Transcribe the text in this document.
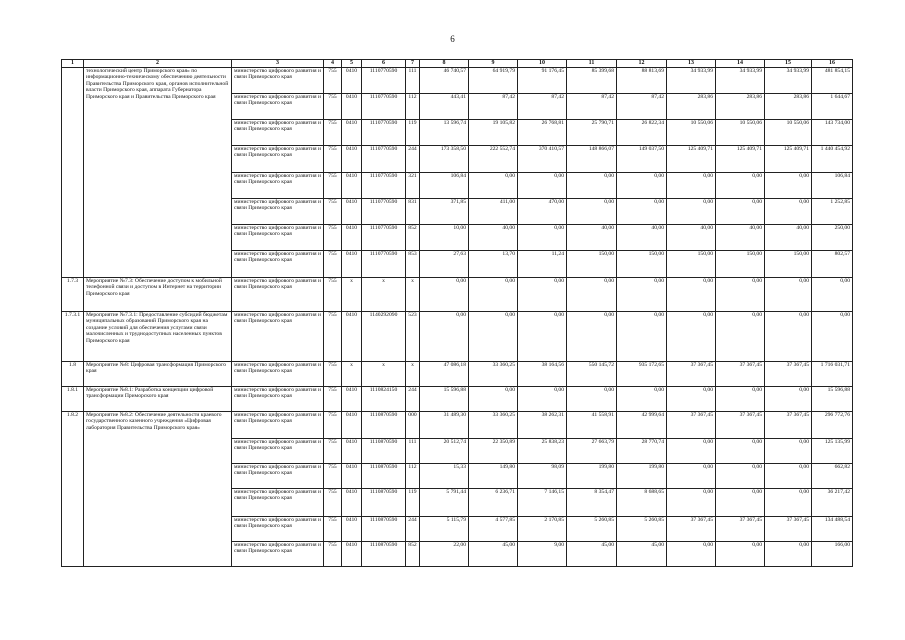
6
1	2	3	4	5	6	7	8	9	10	11	12	13	14	15	16
	технологический центр Приморского края» по информационно-техническому обеспечению деятельности Правительства Приморского края, органов исполнительной власти Приморского края, аппарата Губернатора Приморского края и Правительства Приморского края	министерство цифрового развития и связи Приморского края	755	0410	1110770590	111	46 740,57	64 919,79	91 176,45	85 399,68	88 813,69	34 933,99	34 933,99	34 933,99	481 854,15
		министерство цифрового развития и связи Приморского края	755	0410	1110770590	112	443,41	87,42	87,42	87,42	87,42	283,86	283,86	283,86	1 644,67
		министерство цифрового развития и связи Приморского края	755	0410	1110770590	119	13 596,74	19 105,82	26 768,81	25 790,71	26 822,34	10 550,06	10 550,06	10 550,06	143 734,00
		министерство цифрового развития и связи Приморского края	755	0410	1110770590	244	173 358,50	222 552,74	370 410,57	148 866,07	149 037,50	125 409,71	125 409,71	125 409,71	1 440 454,92
		министерство цифрового развития и связи Приморского края	755	0410	1110770590	321	106,84	0,00	0,00	0,00	0,00	0,00	0,00	0,00	106,84
		министерство цифрового развития и связи Приморского края	755	0410	1110770590	831	371,85	411,00	470,00	0,00	0,00	0,00	0,00	0,00	1 252,85
		министерство цифрового развития и связи Приморского края	755	0410	1110770590	852	10,00	40,00	0,00	40,00	40,00	40,00	40,00	40,00	250,00
		министерство цифрового развития и связи Приморского края	755	0410	1110770590	853	27,63	13,70	11,24	150,00	150,00	150,00	150,00	150,00	802,57
1.7.3	Мероприятие №7.3: Обеспечение доступом к мобильной телефонной связи и доступом в Интернет на территории Приморского края	министерство цифрового развития и связи Приморского края	755	x	x	x	0,00	0,00	0,00	0,00	0,00	0,00	0,00	0,00	0,00
1.7.3.1	Мероприятие №7.3.1: Предоставление субсидий бюджетам муниципальных образований Приморского края на создание условий для обеспечения услугами связи малочисленных и труднодоступных населенных пунктов Приморского края	министерство цифрового развития и связи Приморского края	755	0410	1140292090	523	0,00	0,00	0,00	0,00	0,00	0,00	0,00	0,00	0,00
1.8	Мероприятие №8: Цифровая трансформация Приморского края	министерство цифрового развития и связи Приморского края	755	x	x	x	47 086,18	33 360,25	38 164,56	550 145,72	935 172,65	37 367,45	37 367,45	37 367,45	1 716 031,71
1.8.1	Мероприятие №8.1: Разработка концепции цифровой трансформации Приморского края	министерство цифрового развития и связи Приморского края	755	0410	1110824150	244	15 596,88	0,00	0,00	0,00	0,00	0,00	0,00	0,00	15 596,88
1.8.2	Мероприятие №8.2: Обеспечение деятельности краевого государственного казенного учреждения «Цифровая лаборатория Правительства Приморского края»	министерство цифрового развития и связи Приморского края	755	0410	1110870590	000	31 489,30	33 360,25	38 262,31	41 558,91	42 999,64	37 367,45	37 367,45	37 367,45	296 772,76
		министерство цифрового развития и связи Приморского края	755	0410	1110870590	111	20 512,74	22 350,89	25 838,23	27 663,79	28 770,74	0,00	0,00	0,00	125 135,99
		министерство цифрового развития и связи Приморского края	755	0410	1110870590	112	15,33	149,80	98,09	199,80	199,80	0,00	0,00	0,00	662,82
		министерство цифрового развития и связи Приморского края	755	0410	1110870590	119	5 791,44	6 236,71	7 146,15	8 354,47	8 688,65	0,00	0,00	0,00	36 217,42
		министерство цифрового развития и связи Приморского края	755	0410	1110870590	244	5 115,79	4 577,85	2 170,85	5 260,85	5 260,85	37 367,45	37 367,45	37 367,45	134 488,54
		министерство цифрового развития и связи Приморского края	755	0410	1110870590	852	22,00	45,00	9,00	45,00	45,00	0,00	0,00	0,00	166,00
